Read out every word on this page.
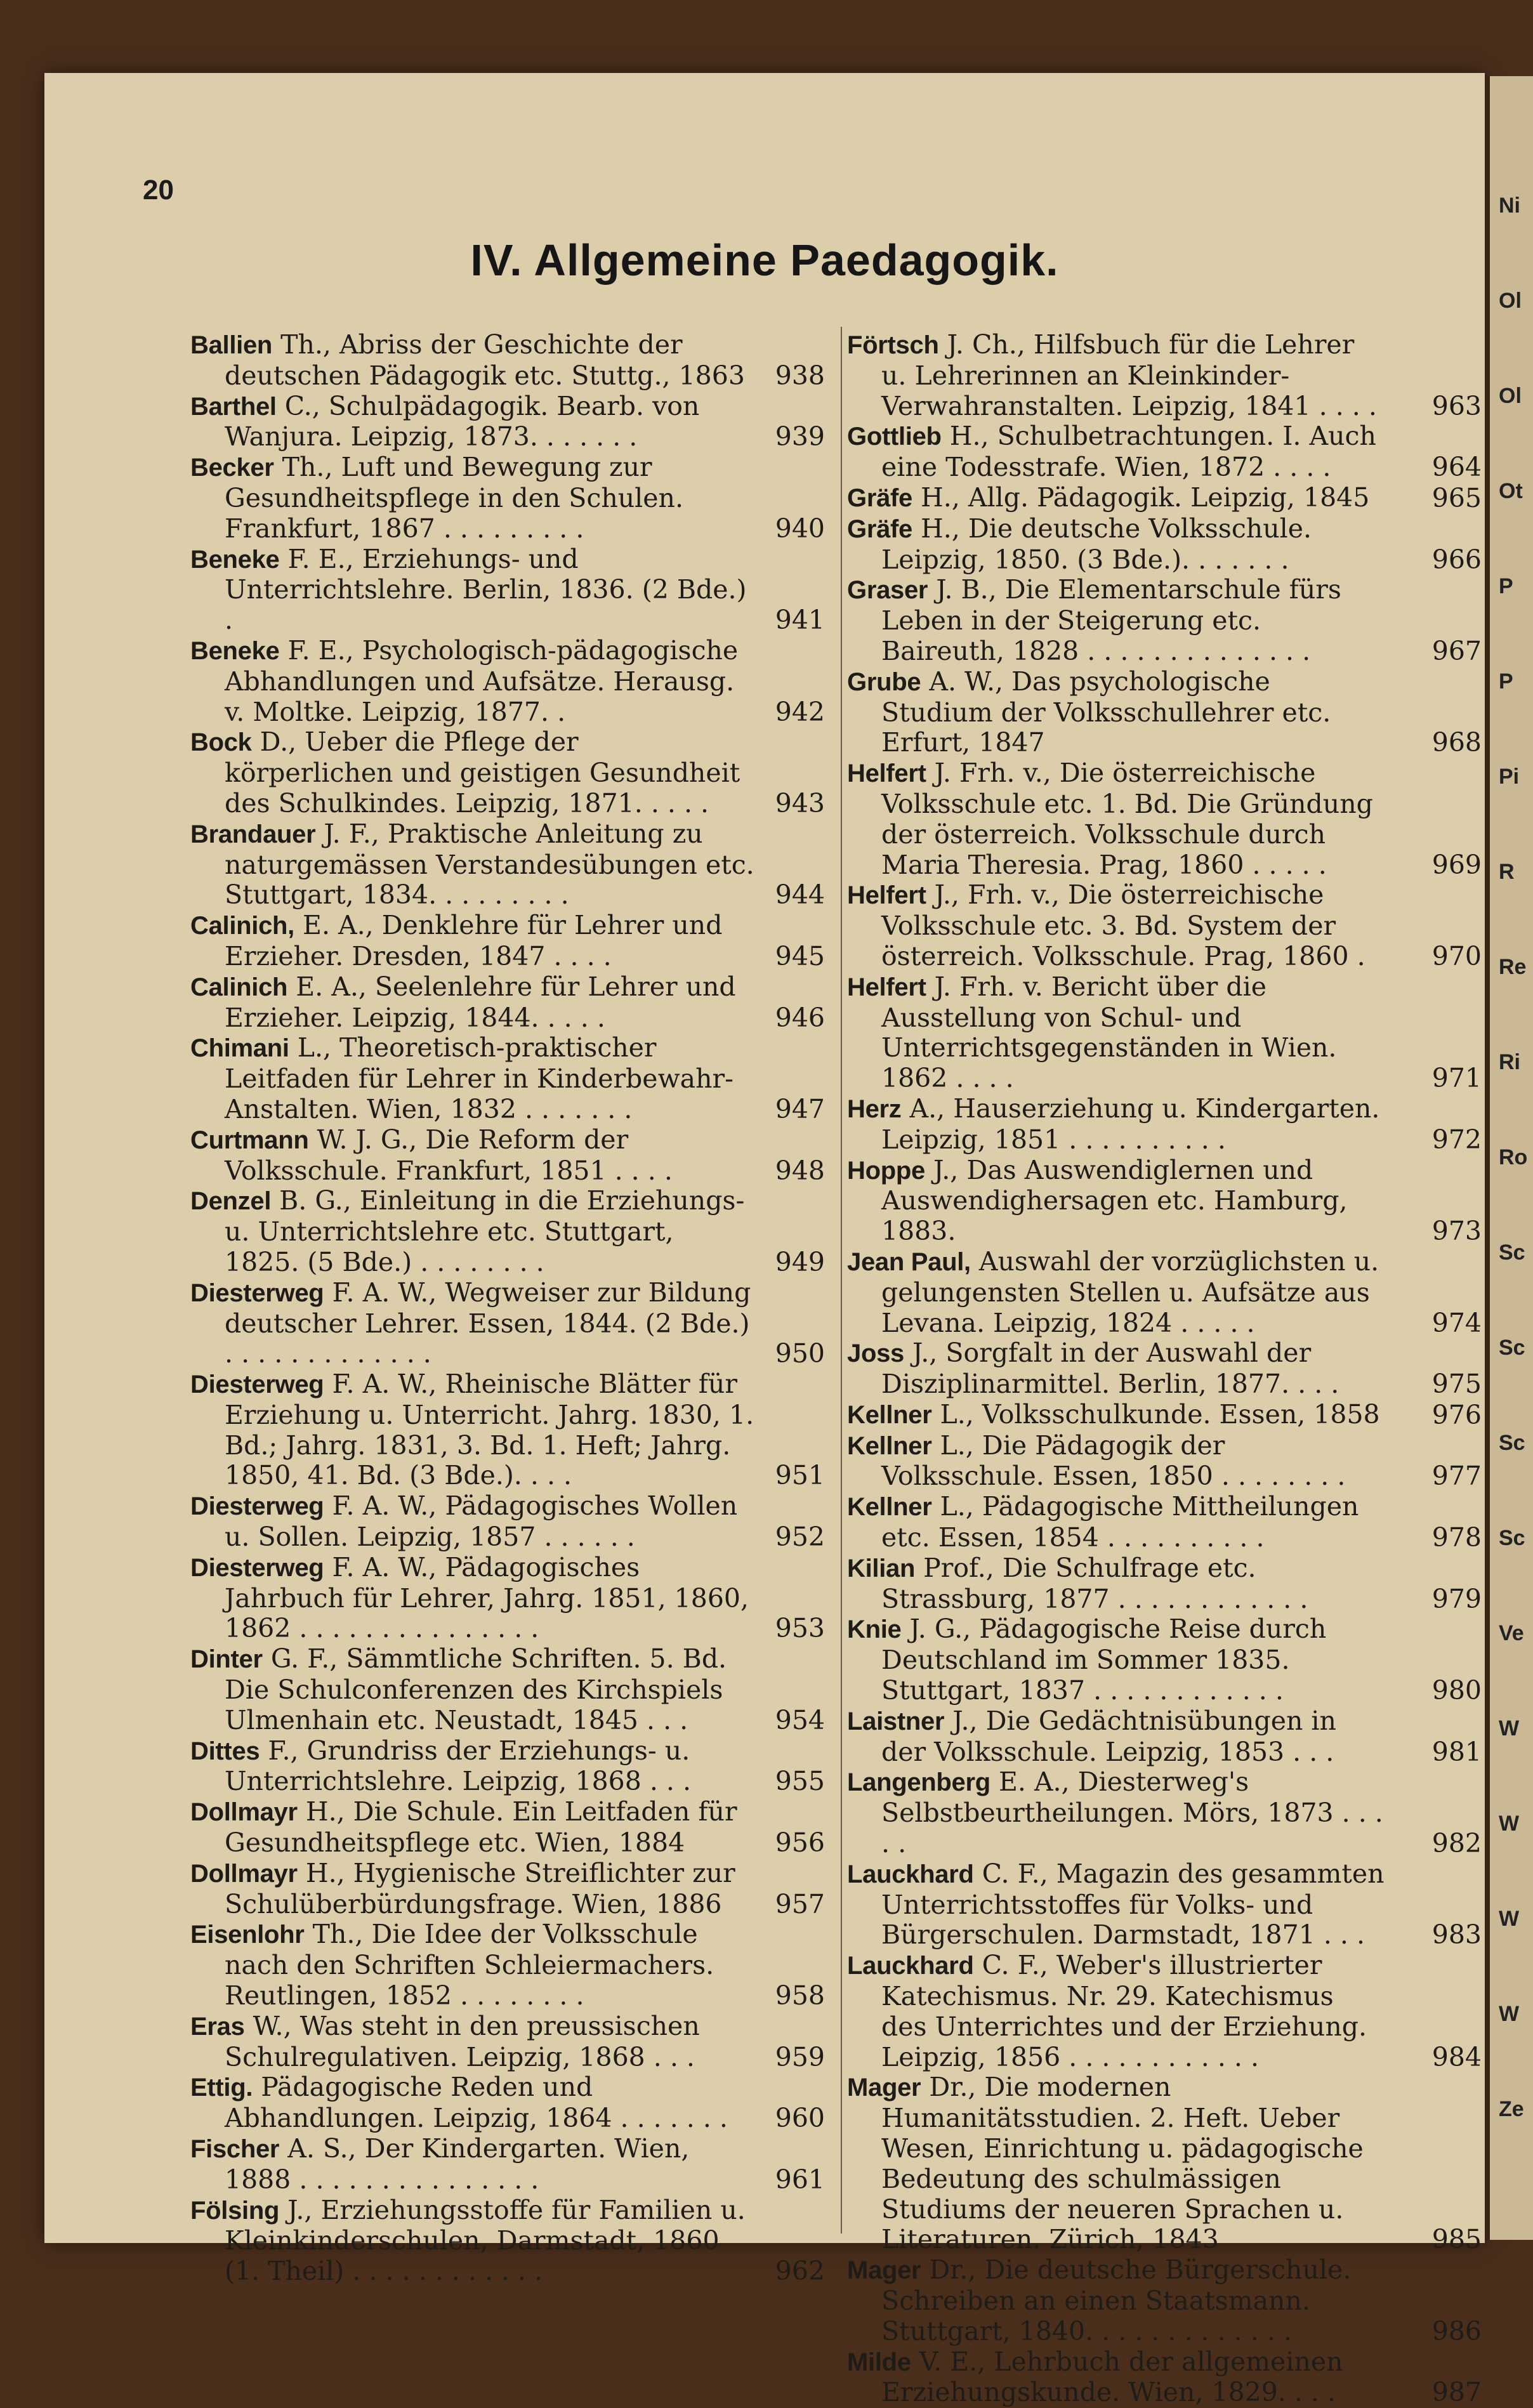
20
IV. Allgemeine Paedagogik.
Ballien Th., Abriss der Geschichte der deutschen Pädagogik etc. Stuttg., 1863	938
Barthel C., Schulpädagogik. Bearb. von Wanjura. Leipzig, 1873. . . . . . .	939
Becker Th., Luft und Bewegung zur Gesundheitspflege in den Schulen. Frankfurt, 1867 . . . . . . . . .	940
Beneke F. E., Erziehungs- und Unterrichtslehre. Berlin, 1836. (2 Bde.) .	941
Beneke F. E., Psychologisch-pädagogische Abhandlungen und Aufsätze. Herausg. v. Moltke. Leipzig, 1877. .	942
Bock D., Ueber die Pflege der körperlichen und geistigen Gesundheit des Schulkindes. Leipzig, 1871. . . . .	943
Brandauer J. F., Praktische Anleitung zu naturgemässen Verstandesübungen etc. Stuttgart, 1834. . . . . . . . .	944
Calinich, E. A., Denklehre für Lehrer und Erzieher. Dresden, 1847 . . . .	945
Calinich E. A., Seelenlehre für Lehrer und Erzieher. Leipzig, 1844. . . . .	946
Chimani L., Theoretisch-praktischer Leitfaden für Lehrer in Kinderbewahr-Anstalten. Wien, 1832 . . . . . . .	947
Curtmann W. J. G., Die Reform der Volksschule. Frankfurt, 1851 . . . .	948
Denzel B. G., Einleitung in die Erziehungs- u. Unterrichtslehre etc. Stuttgart, 1825. (5 Bde.) . . . . . . . .	949
Diesterweg F. A. W., Wegweiser zur Bildung deutscher Lehrer. Essen, 1844. (2 Bde.) . . . . . . . . . . . . .	950
Diesterweg F. A. W., Rheinische Blätter für Erziehung u. Unterricht. Jahrg. 1830, 1. Bd.; Jahrg. 1831, 3. Bd. 1. Heft; Jahrg. 1850, 41. Bd. (3 Bde.). . . .	951
Diesterweg F. A. W., Pädagogisches Wollen u. Sollen. Leipzig, 1857 . . . . . .	952
Diesterweg F. A. W., Pädagogisches Jahrbuch für Lehrer, Jahrg. 1851, 1860, 1862 . . . . . . . . . . . . . . .	953
Dinter G. F., Sämmtliche Schriften. 5. Bd. Die Schulconferenzen des Kirchspiels Ulmenhain etc. Neustadt, 1845 . . .	954
Dittes F., Grundriss der Erziehungs- u. Unterrichtslehre. Leipzig, 1868 . . .	955
Dollmayr H., Die Schule. Ein Leitfaden für Gesundheitspflege etc. Wien, 1884	956
Dollmayr H., Hygienische Streiflichter zur Schulüberbürdungsfrage. Wien, 1886	957
Eisenlohr Th., Die Idee der Volksschule nach den Schriften Schleiermachers. Reutlingen, 1852 . . . . . . . .	958
Eras W., Was steht in den preussischen Schulregulativen. Leipzig, 1868 . . .	959
Ettig. Pädagogische Reden und Abhandlungen. Leipzig, 1864 . . . . . . .	960
Fischer A. S., Der Kindergarten. Wien, 1888 . . . . . . . . . . . . . . .	961
Fölsing J., Erziehungsstoffe für Familien u. Kleinkinderschulen, Darmstadt, 1860 (1. Theil) . . . . . . . . . . . .	962
Förtsch J. Ch., Hilfsbuch für die Lehrer u. Lehrerinnen an Kleinkinder-Verwahranstalten. Leipzig, 1841 . . . .	963
Gottlieb H., Schulbetrachtungen. I. Auch eine Todesstrafe. Wien, 1872 . . . .	964
Gräfe H., Allg. Pädagogik. Leipzig, 1845	965
Gräfe H., Die deutsche Volksschule. Leipzig, 1850. (3 Bde.). . . . . . .	966
Graser J. B., Die Elementarschule fürs Leben in der Steigerung etc. Baireuth, 1828 . . . . . . . . . . . . . .	967
Grube A. W., Das psychologische Studium der Volksschullehrer etc. Erfurt, 1847	968
Helfert J. Frh. v., Die österreichische Volksschule etc. 1. Bd. Die Gründung der österreich. Volksschule durch Maria Theresia. Prag, 1860 . . . . .	969
Helfert J., Frh. v., Die österreichische Volksschule etc. 3. Bd. System der österreich. Volksschule. Prag, 1860 .	970
Helfert J. Frh. v. Bericht über die Ausstellung von Schul- und Unterrichtsgegenständen in Wien. 1862 . . . .	971
Herz A., Hauserziehung u. Kindergarten. Leipzig, 1851 . . . . . . . . . .	972
Hoppe J., Das Auswendiglernen und Auswendighersagen etc. Hamburg, 1883.	973
Jean Paul, Auswahl der vorzüglichsten u. gelungensten Stellen u. Aufsätze aus Levana. Leipzig, 1824 . . . . .	974
Joss J., Sorgfalt in der Auswahl der Disziplinarmittel. Berlin, 1877. . . .	975
Kellner L., Volksschulkunde. Essen, 1858	976
Kellner L., Die Pädagogik der Volksschule. Essen, 1850 . . . . . . . .	977
Kellner L., Pädagogische Mittheilungen etc. Essen, 1854 . . . . . . . . . .	978
Kilian Prof., Die Schulfrage etc. Strassburg, 1877 . . . . . . . . . . . .	979
Knie J. G., Pädagogische Reise durch Deutschland im Sommer 1835. Stuttgart, 1837 . . . . . . . . . . . .	980
Laistner J., Die Gedächtnisübungen in der Volksschule. Leipzig, 1853 . . .	981
Langenberg E. A., Diesterweg's Selbstbeurtheilungen. Mörs, 1873 . . . . .	982
Lauckhard C. F., Magazin des gesammten Unterrichtsstoffes für Volks- und Bürgerschulen. Darmstadt, 1871 . . .	983
Lauckhard C. F., Weber's illustrierter Katechismus. Nr. 29. Katechismus des Unterrichtes und der Erziehung. Leipzig, 1856 . . . . . . . . . . . .	984
Mager Dr., Die modernen Humanitätsstudien. 2. Heft. Ueber Wesen, Einrichtung u. pädagogische Bedeutung des schulmässigen Studiums der neueren Sprachen u. Literaturen. Zürich, 1843	985
Mager Dr., Die deutsche Bürgerschule. Schreiben an einen Staatsmann. Stuttgart, 1840. . . . . . . . . . . . .	986
Milde V. E., Lehrbuch der allgemeinen Erziehungskunde. Wien, 1829. . . .	987
Ni
Ol
Ol
Ot
P
P
Pi
R
Re
Ri
Ro
Sc
Sc
Sc
Sc
Ve
W
W
W
W
Ze
